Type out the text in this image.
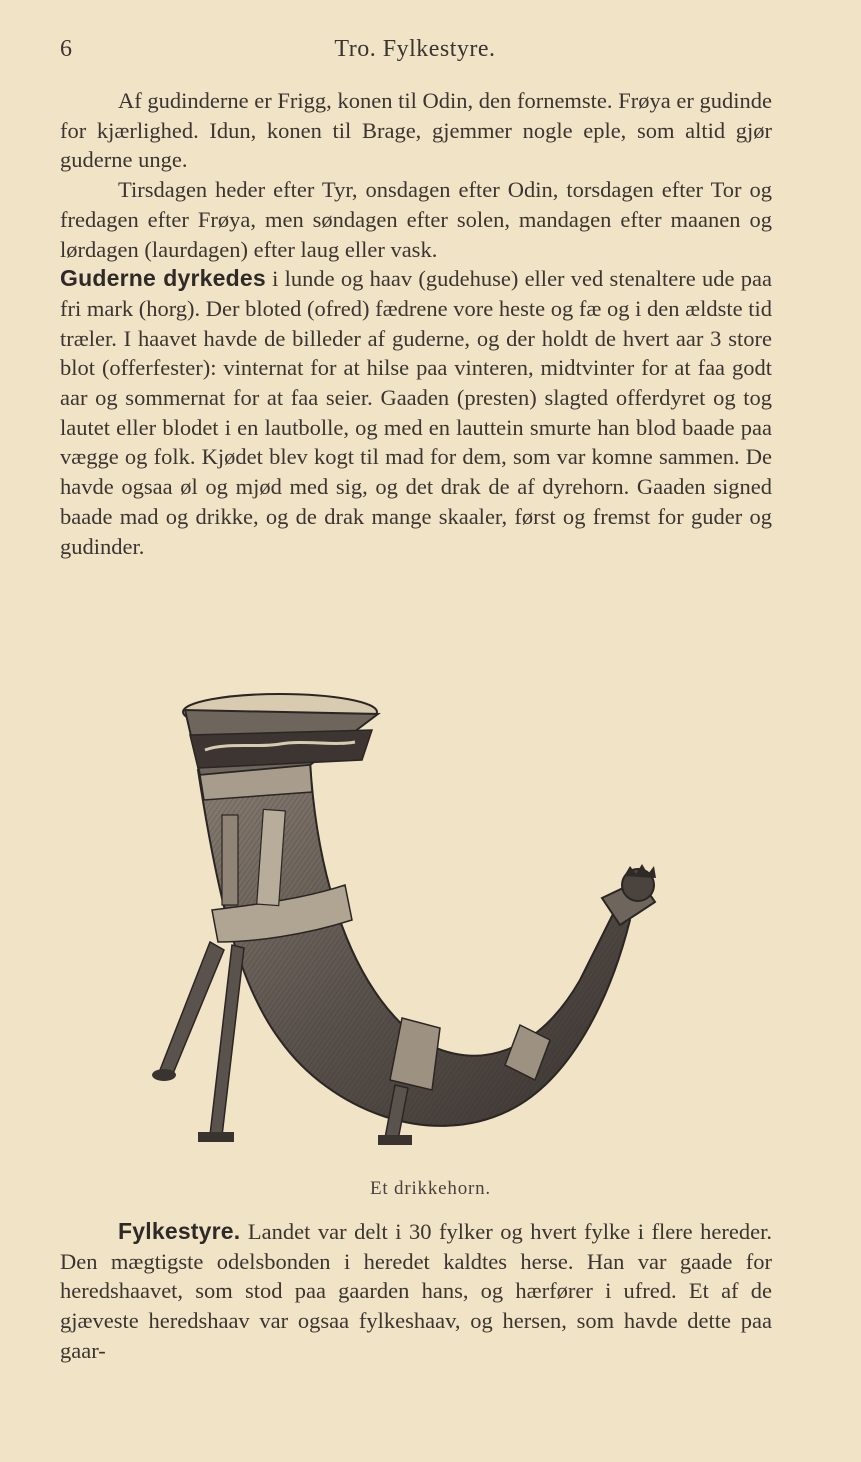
6	Tro. Fylkestyre.

Af gudinderne er Frigg, konen til Odin, den fornemste. Frøya er gudinde for kjærlighed. Idun, konen til Brage, gjemmer nogle eple, som altid gjør guderne unge.

Tirsdagen heder efter Tyr, onsdagen efter Odin, torsdagen efter Tor og fredagen efter Frøya, men søndagen efter solen, mandagen efter maanen og lørdagen (laurdagen) efter laug eller vask.

Guderne dyrkedes i lunde og haav (gudehuse) eller ved stenaltere ude paa fri mark (horg). Der bloted (ofred) fædrene vore heste og fæ og i den ældste tid træler. I haavet havde de billeder af guderne, og der holdt de hvert aar 3 store blot (offerfester): vinternat for at hilse paa vinteren, midtvinter for at faa godt aar og sommernat for at faa seier. Gaaden (presten) slagted offerdyret og tog lautet eller blodet i en lautbolle, og med en lauttein smurte han blod baade paa vægge og folk. Kjødet blev kogt til mad for dem, som var komne sammen. De havde ogsaa øl og mjød med sig, og det drak de af dyrehorn. Gaaden signed baade mad og drikke, og de drak mange skaaler, først og fremst for guder og gudinder.

Et drikkehorn.

Fylkestyre. Landet var delt i 30 fylker og hvert fylke i flere hereder. Den mægtigste odelsbonden i heredet kaldtes herse. Han var gaade for heredshaavet, som stod paa gaarden hans, og hærfører i ufred. Et af de gjæveste heredshaav var ogsaa fylkeshaav, og hersen, som havde dette paa gaar-
